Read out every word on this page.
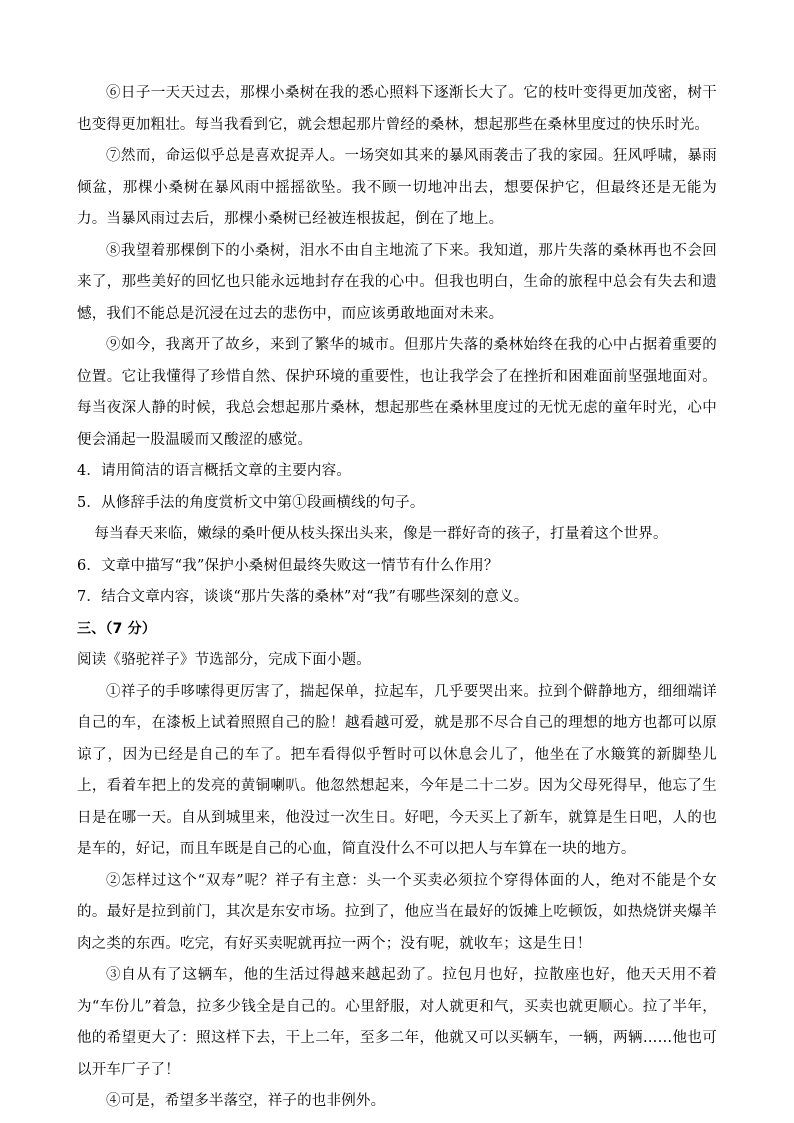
⑥日子一天天过去，那棵小桑树在我的悉心照料下逐渐长大了。它的枝叶变得更加茂密，树干也变得更加粗壮。每当我看到它，就会想起那片曾经的桑林，想起那些在桑林里度过的快乐时光。

⑦然而，命运似乎总是喜欢捉弄人。一场突如其来的暴风雨袭击了我的家园。狂风呼啸，暴雨倾盆，那棵小桑树在暴风雨中摇摇欲坠。我不顾一切地冲出去，想要保护它，但最终还是无能为力。当暴风雨过去后，那棵小桑树已经被连根拔起，倒在了地上。

⑧我望着那棵倒下的小桑树，泪水不由自主地流了下来。我知道，那片失落的桑林再也不会回来了，那些美好的回忆也只能永远地封存在我的心中。但我也明白，生命的旅程中总会有失去和遗憾，我们不能总是沉浸在过去的悲伤中，而应该勇敢地面对未来。

⑨如今，我离开了故乡，来到了繁华的城市。但那片失落的桑林始终在我的心中占据着重要的位置。它让我懂得了珍惜自然、保护环境的重要性，也让我学会了在挫折和困难面前坚强地面对。每当夜深人静的时候，我总会想起那片桑林，想起那些在桑林里度过的无忧无虑的童年时光，心中便会涌起一股温暖而又酸涩的感觉。

4．请用简洁的语言概括文章的主要内容。

5．从修辞手法的角度赏析文中第①段画横线的句子。

每当春天来临，嫩绿的桑叶便从枝头探出头来，像是一群好奇的孩子，打量着这个世界。

6．文章中描写“我”保护小桑树但最终失败这一情节有什么作用？

7．结合文章内容，谈谈“那片失落的桑林”对“我”有哪些深刻的意义。

三、（7 分）

阅读《骆驼祥子》节选部分，完成下面小题。

①祥子的手哆嗦得更厉害了，揣起保单，拉起车，几乎要哭出来。拉到个僻静地方，细细端详自己的车，在漆板上试着照照自己的脸！越看越可爱，就是那不尽合自己的理想的地方也都可以原谅了，因为已经是自己的车了。把车看得似乎暂时可以休息会儿了，他坐在了水簸箕的新脚垫儿上，看着车把上的发亮的黄铜喇叭。他忽然想起来，今年是二十二岁。因为父母死得早，他忘了生日是在哪一天。自从到城里来，他没过一次生日。好吧，今天买上了新车，就算是生日吧，人的也是车的，好记，而且车既是自己的心血，简直没什么不可以把人与车算在一块的地方。

②怎样过这个“双寿”呢？祥子有主意：头一个买卖必须拉个穿得体面的人，绝对不能是个女的。最好是拉到前门，其次是东安市场。拉到了，他应当在最好的饭摊上吃顿饭，如热烧饼夹爆羊肉之类的东西。吃完，有好买卖呢就再拉一两个；没有呢，就收车；这是生日！

③自从有了这辆车，他的生活过得越来越起劲了。拉包月也好，拉散座也好，他天天用不着为“车份儿”着急，拉多少钱全是自己的。心里舒服，对人就更和气，买卖也就更顺心。拉了半年，他的希望更大了：照这样下去，干上二年，至多二年，他就又可以买辆车，一辆，两辆……他也可以开车厂子了！

④可是，希望多半落空，祥子的也非例外。
